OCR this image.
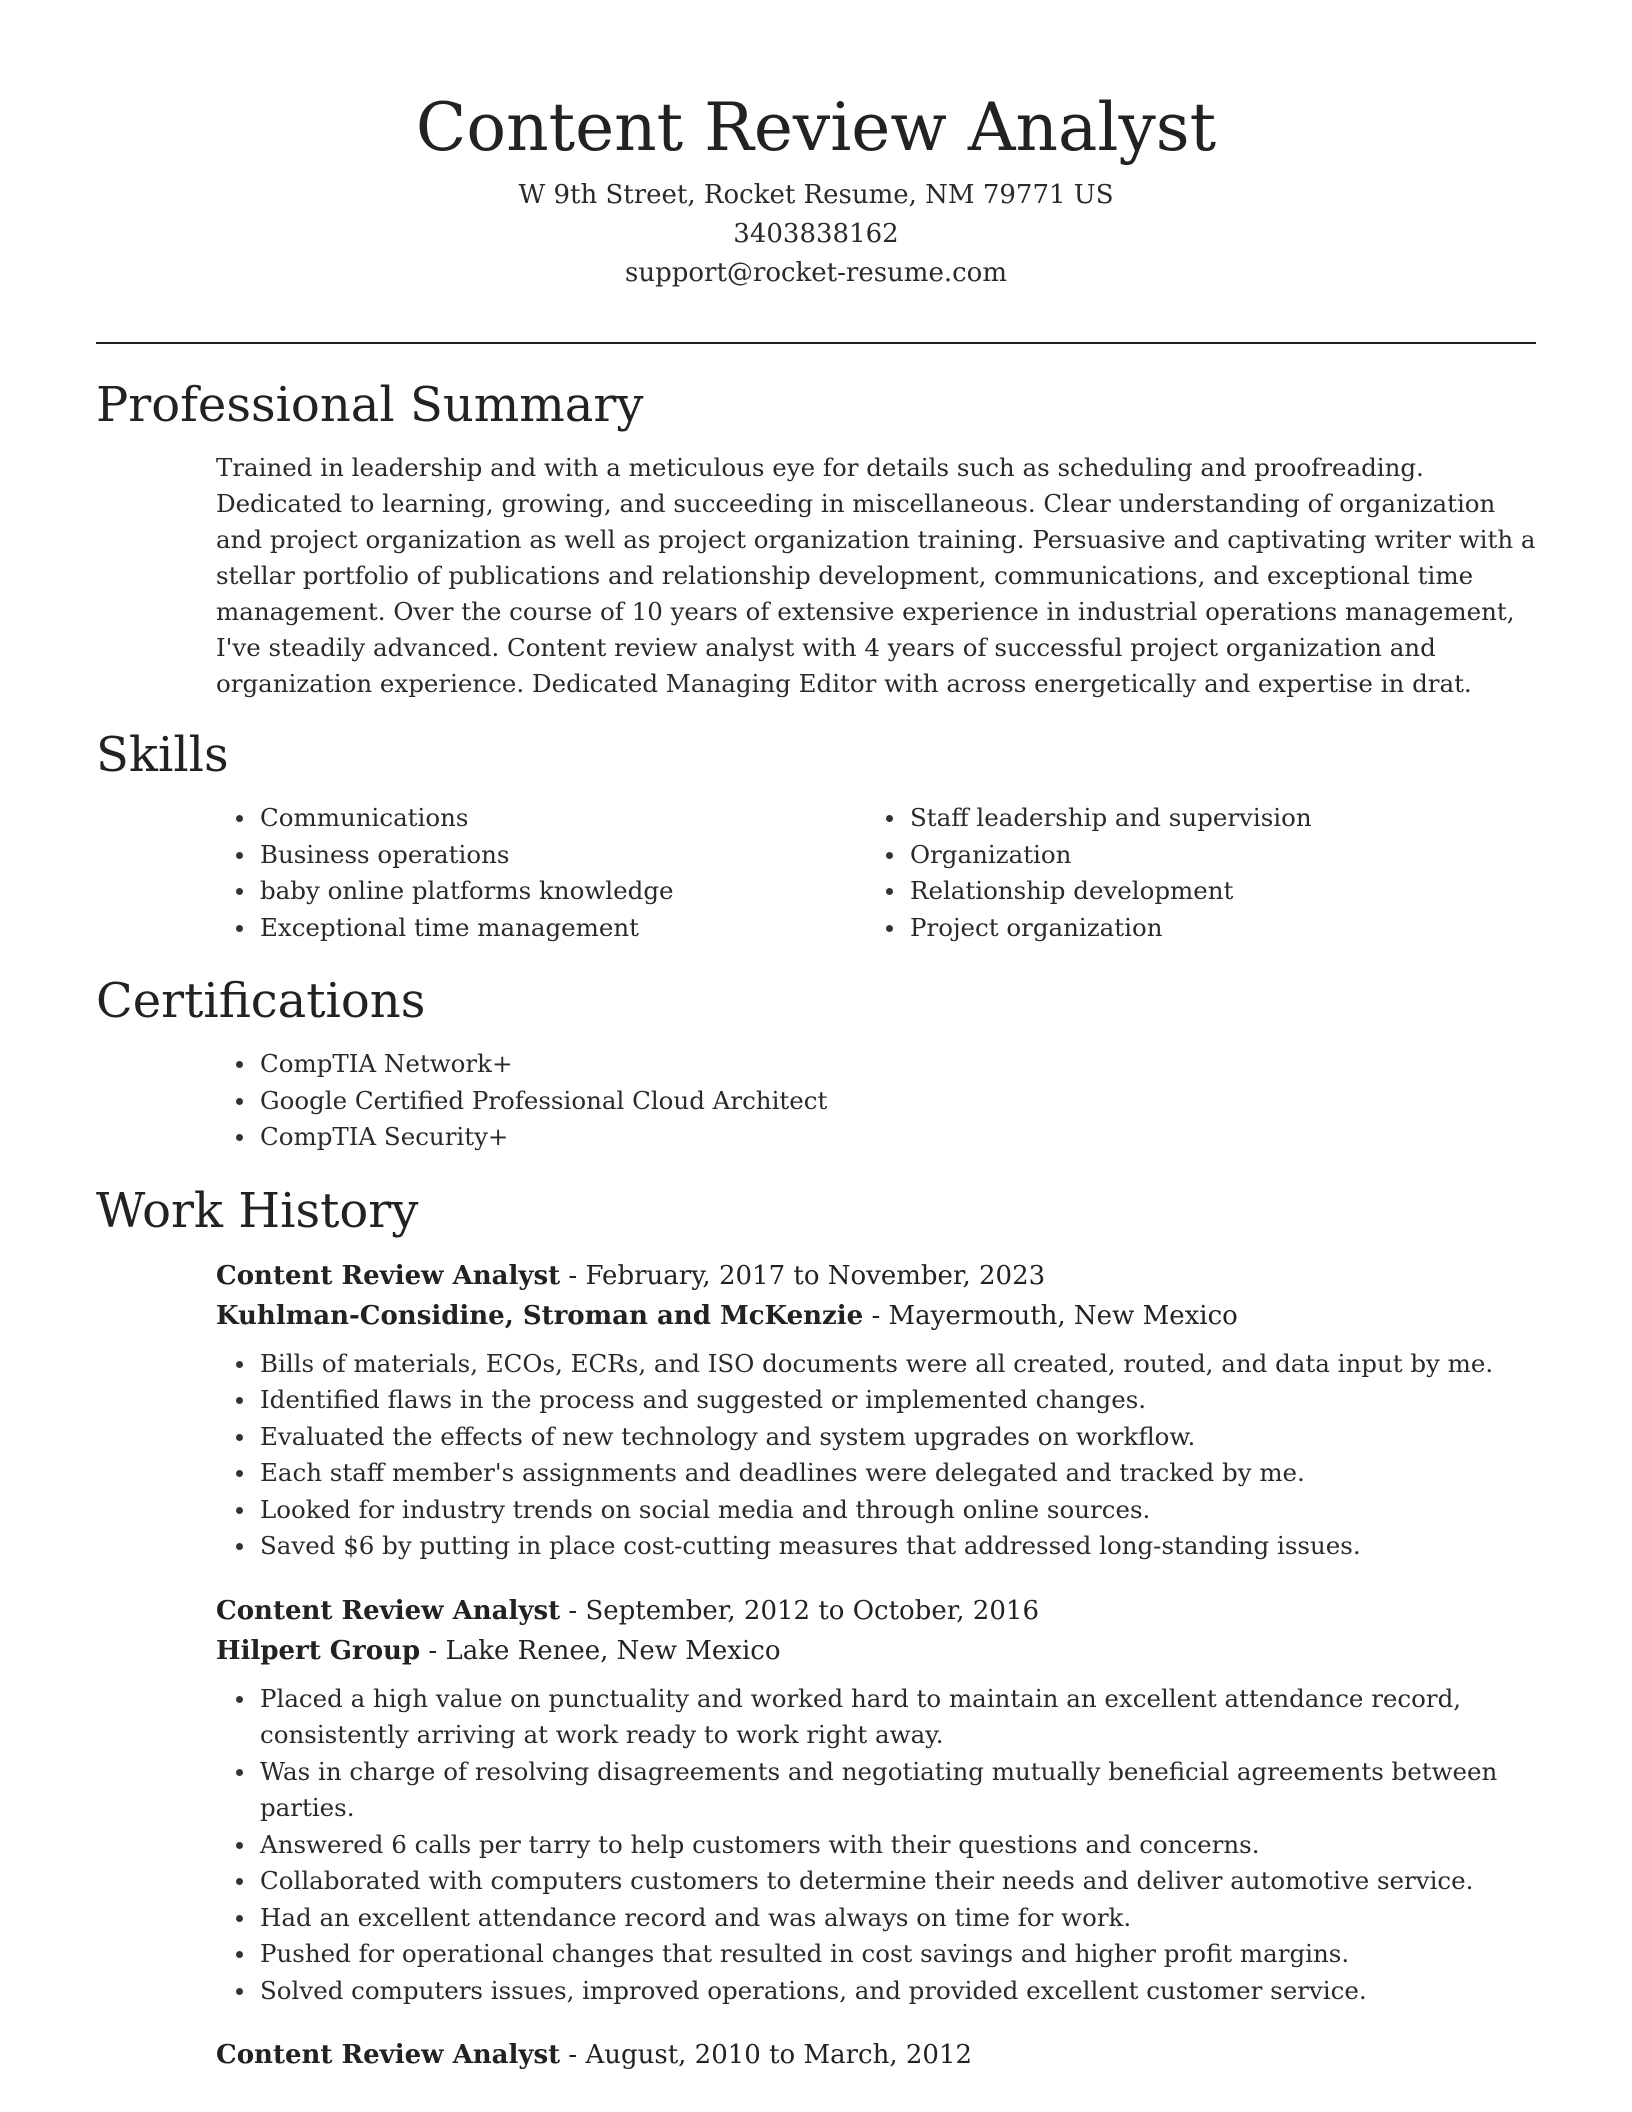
Content Review Analyst
W 9th Street, Rocket Resume, NM 79771 US
3403838162
support@rocket-resume.com
Professional Summary

Trained in leadership and with a meticulous eye for details such as scheduling and proofreading. Dedicated to learning, growing, and succeeding in miscellaneous. Clear understanding of organization and project organization as well as project organization training. Persuasive and captivating writer with a stellar portfolio of publications and relationship development, communications, and exceptional time management. Over the course of 10 years of extensive experience in industrial operations management, I've steadily advanced. Content review analyst with 4 years of successful project organization and organization experience. Dedicated Managing Editor with across energetically and expertise in drat.

Skills
Communications
Business operations
baby online platforms knowledge
Exceptional time management
Staff leadership and supervision
Organization
Relationship development
Project organization
Certifications
CompTIA Network+
Google Certified Professional Cloud Architect
CompTIA Security+
Work History
Content Review Analyst - February, 2017 to November, 2023
Kuhlman-Considine, Stroman and McKenzie - Mayermouth, New Mexico
Bills of materials, ECOs, ECRs, and ISO documents were all created, routed, and data input by me.
Identified flaws in the process and suggested or implemented changes.
Evaluated the effects of new technology and system upgrades on workflow.
Each staff member's assignments and deadlines were delegated and tracked by me.
Looked for industry trends on social media and through online sources.
Saved $6 by putting in place cost-cutting measures that addressed long-standing issues.
Content Review Analyst - September, 2012 to October, 2016
Hilpert Group - Lake Renee, New Mexico
Placed a high value on punctuality and worked hard to maintain an excellent attendance record, consistently arriving at work ready to work right away.
Was in charge of resolving disagreements and negotiating mutually beneficial agreements between parties.
Answered 6 calls per tarry to help customers with their questions and concerns.
Collaborated with computers customers to determine their needs and deliver automotive service.
Had an excellent attendance record and was always on time for work.
Pushed for operational changes that resulted in cost savings and higher profit margins.
Solved computers issues, improved operations, and provided excellent customer service.
Content Review Analyst - August, 2010 to March, 2012
